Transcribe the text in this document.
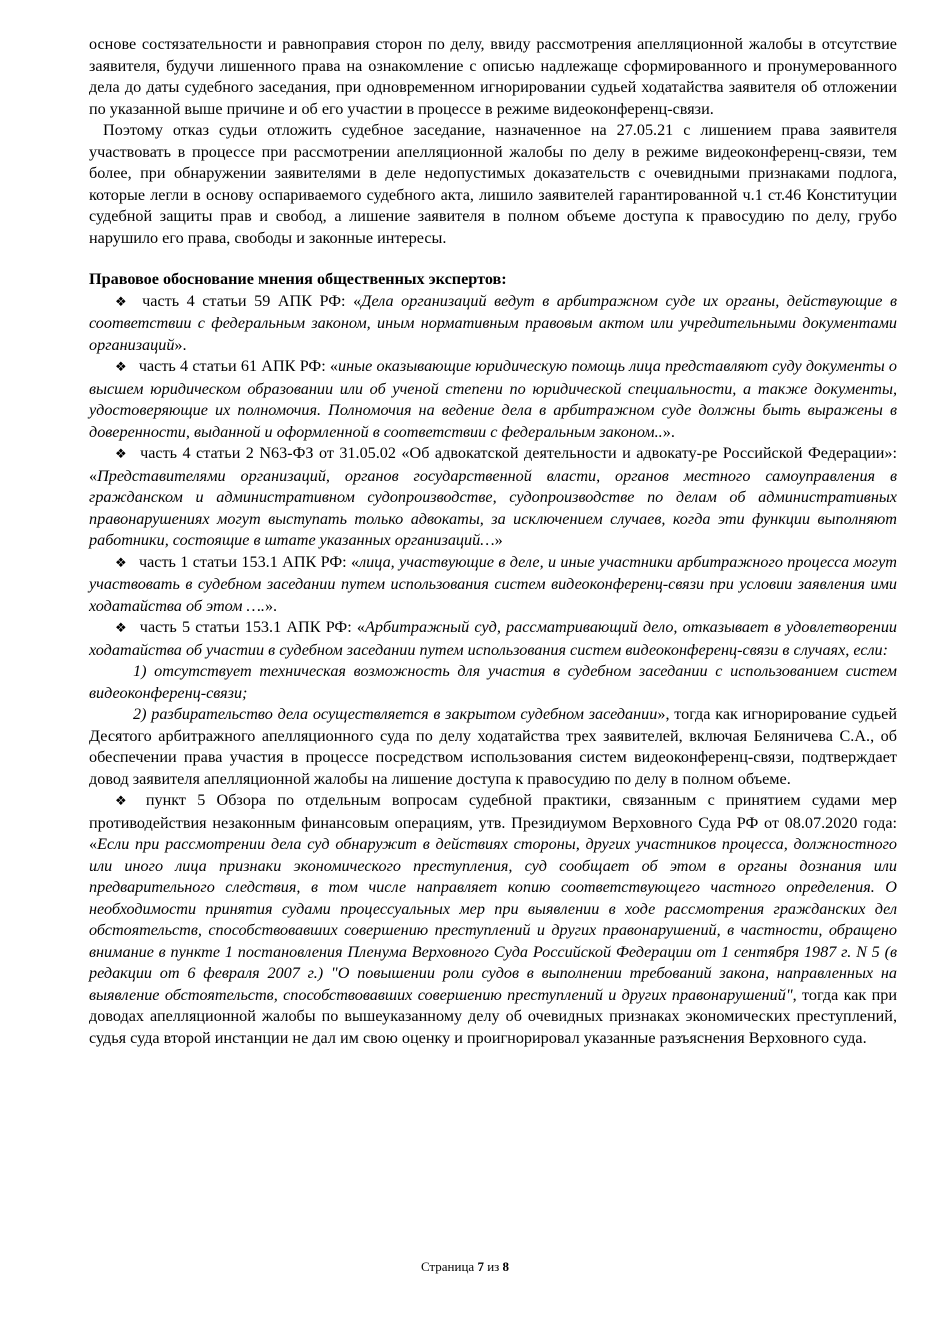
основе состязательности и равноправия сторон по делу, ввиду рассмотрения апелляционной жалобы в отсутствие заявителя, будучи лишенного права на ознакомление с описью надлежаще сформированного и пронумерованного дела до даты судебного заседания, при одновременном игнорировании судьей ходатайства заявителя об отложении по указанной выше причине и об его участии в процессе в режиме видеоконференц-связи.

Поэтому отказ судьи отложить судебное заседание, назначенное на 27.05.21 с лишением права заявителя участвовать в процессе при рассмотрении апелляционной жалобы по делу в режиме видеоконференц-связи, тем более, при обнаружении заявителями в деле недопустимых доказательств с очевидными признаками подлога, которые легли в основу оспариваемого судебного акта, лишило заявителей гарантированной ч.1 ст.46 Конституции судебной защиты прав и свобод, а лишение заявителя в полном объеме доступа к правосудию по делу, грубо нарушило его права, свободы и законные интересы.

Правовое обоснование мнения общественных экспертов:

❖ часть 4 статьи 59 АПК РФ: «Дела организаций ведут в арбитражном суде их органы, действующие в соответствии с федеральным законом, иным нормативным правовым актом или учредительными документами организаций».

❖ часть 4 статьи 61 АПК РФ: «иные оказывающие юридическую помощь лица представляют суду документы о высшем юридическом образовании или об ученой степени по юридической специальности, а также документы, удостоверяющие их полномочия. Полномочия на ведение дела в арбитражном суде должны быть выражены в доверенности, выданной и оформленной в соответствии с федеральным законом..».

❖ часть 4 статьи 2 N63-ФЗ от 31.05.02 «Об адвокатской деятельности и адвокату-ре Российской Федерации»: «Представителями организаций, органов государственной власти, органов местного самоуправления в гражданском и административном судопроизводстве, судопроизводстве по делам об административных правонарушениях могут выступать только адвокаты, за исключением случаев, когда эти функции выполняют работники, состоящие в штате указанных организаций…»

❖ часть 1 статьи 153.1 АПК РФ: «лица, участвующие в деле, и иные участники арбитражного процесса могут участвовать в судебном заседании путем использования систем видеоконференц-связи при условии заявления ими ходатайства об этом ….».

❖ часть 5 статьи 153.1 АПК РФ: «Арбитражный суд, рассматривающий дело, отказывает в удовлетворении ходатайства об участии в судебном заседании путем использования систем видеоконференц-связи в случаях, если:

1) отсутствует техническая возможность для участия в судебном заседании с использованием систем видеоконференц-связи;

2) разбирательство дела осуществляется в закрытом судебном заседании», тогда как игнорирование судьей Десятого арбитражного апелляционного суда по делу ходатайства трех заявителей, включая Беляничева С.А., об обеспечении права участия в процессе посредством использования систем видеоконференц-связи, подтверждает довод заявителя апелляционной жалобы на лишение доступа к правосудию по делу в полном объеме.

❖ пункт 5 Обзора по отдельным вопросам судебной практики, связанным с принятием судами мер противодействия незаконным финансовым операциям, утв. Президиумом Верховного Суда РФ от 08.07.2020 года: «Если при рассмотрении дела суд обнаружит в действиях стороны, других участников процесса, должностного или иного лица признаки экономического преступления, суд сообщает об этом в органы дознания или предварительного следствия, в том числе направляет копию соответствующего частного определения. О необходимости принятия судами процессуальных мер при выявлении в ходе рассмотрения гражданских дел обстоятельств, способствовавших совершению преступлений и других правонарушений, в частности, обращено внимание в пункте 1 постановления Пленума Верховного Суда Российской Федерации от 1 сентября 1987 г. N 5 (в редакции от 6 февраля 2007 г.) "О повышении роли судов в выполнении требований закона, направленных на выявление обстоятельств, способствовавших совершению преступлений и других правонарушений", тогда как при доводах апелляционной жалобы по вышеуказанному делу об очевидных признаках экономических преступлений, судья суда второй инстанции не дал им свою оценку и проигнорировал указанные разъяснения Верховного суда.

Страница 7 из 8
